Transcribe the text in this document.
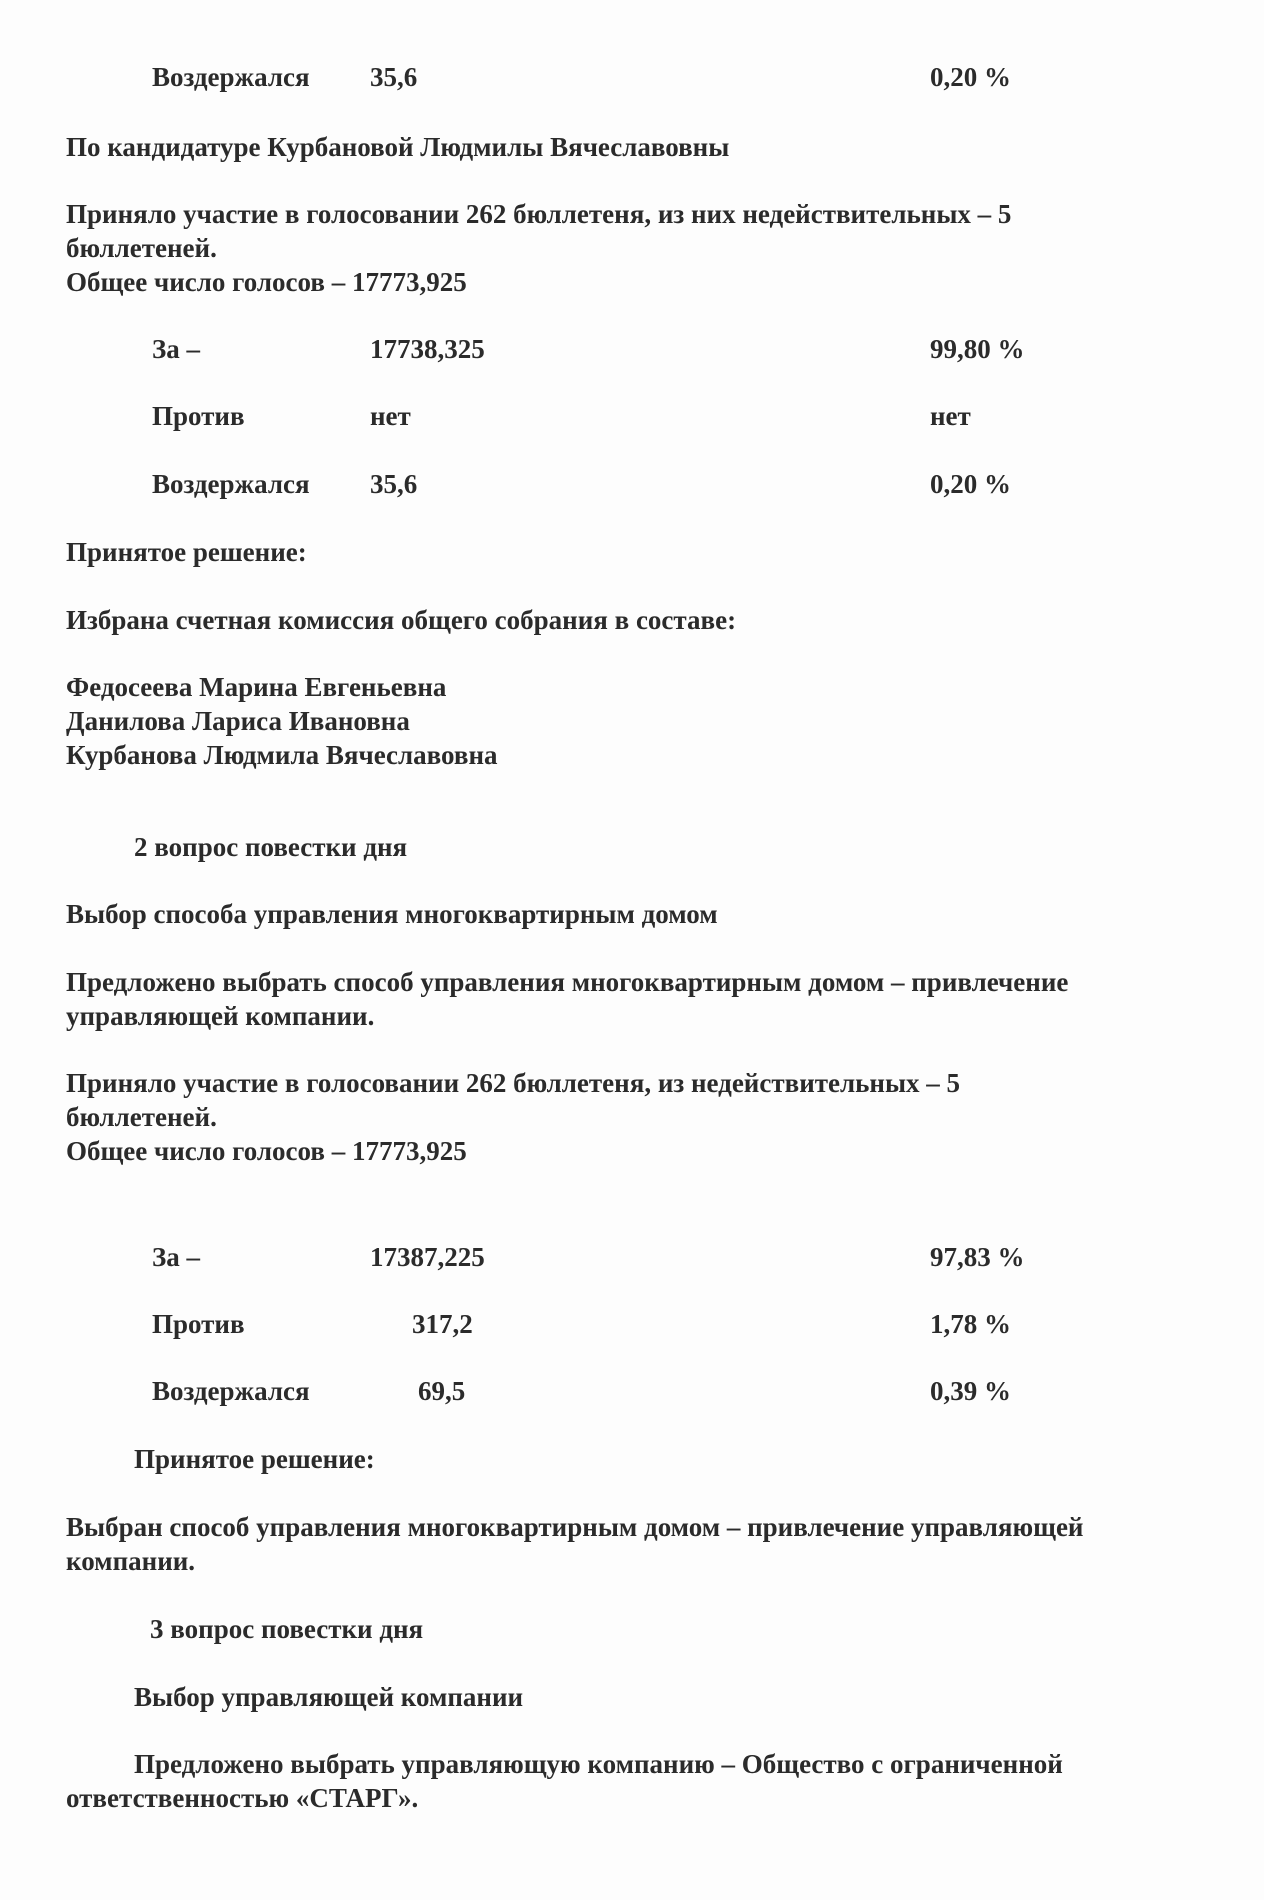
Воздержался 35,6	0,20 %
По кандидатуре Курбановой Людмилы Вячеславовны
Приняло участие в голосовании 262 бюллетеня, из них недействительных – 5
бюллетеней.
Общее число голосов – 17773,925
За –	17738,325	99,80 %
Против	нет	нет
Воздержался 35,6	0,20 %
Принятое решение:
Избрана счетная комиссия общего собрания в составе:
Федосеева Марина Евгеньевна
Данилова Лариса Ивановна
Курбанова Людмила Вячеславовна
2 вопрос повестки дня
Выбор способа управления многоквартирным домом
Предложено выбрать способ управления многоквартирным домом – привлечение
управляющей компании.
Приняло участие в голосовании 262 бюллетеня, из недействительных – 5
бюллетеней.
Общее число голосов – 17773,925
За –	17387,225	97,83 %
Против	317,2	1,78 %
Воздержался	69,5	0,39 %
Принятое решение:
Выбран способ управления многоквартирным домом – привлечение управляющей
компании.
3 вопрос повестки дня
Выбор управляющей компании
Предложено выбрать управляющую компанию – Общество с ограниченной
ответственностью «СТАРГ».
